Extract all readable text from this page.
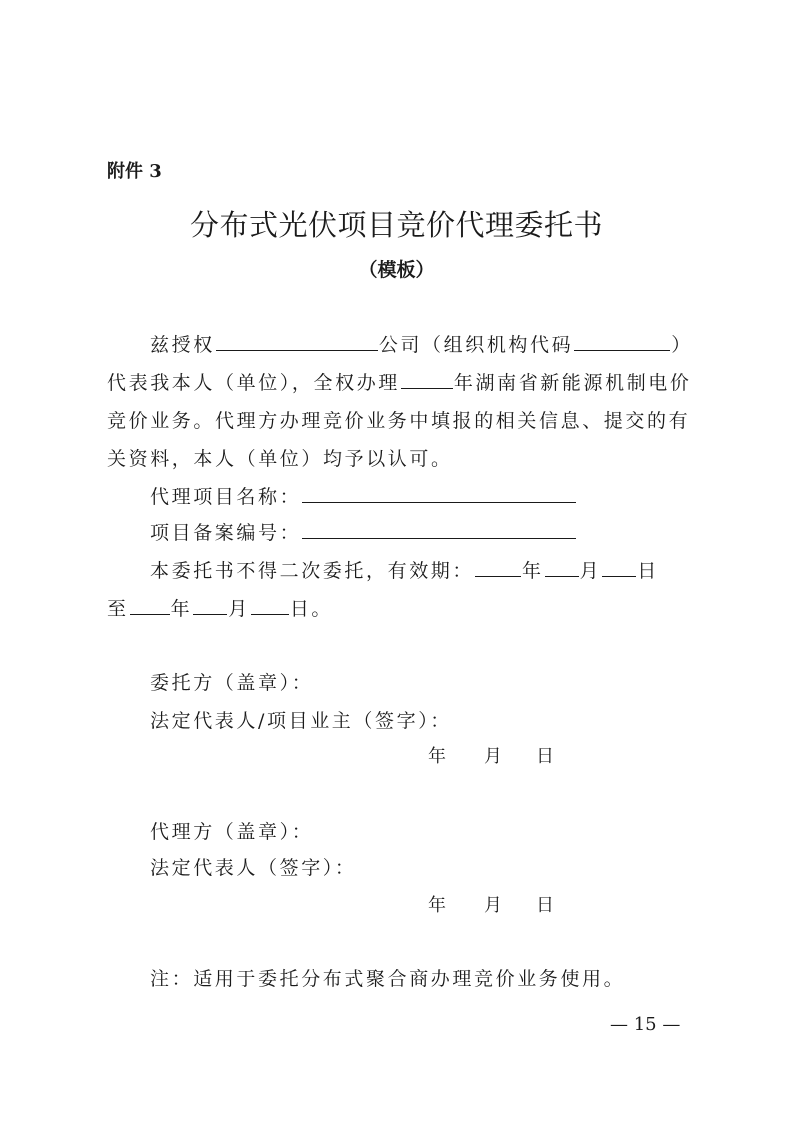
附件 3
分布式光伏项目竞价代理委托书
（模板）
兹授权	公司（组织机构代码	）
代表我本人（单位），全权办理	年湖南省新能源机制电价
竞价业务。代理方办理竞价业务中填报的相关信息、提交的有
关资料，本人（单位）均予以认可。
代理项目名称：
项目备案编号：
本委托书不得二次委托，有效期：	年 月 日
至 年 月 日。
委托方（盖章）：
法定代表人/项目业主（签字）：
年 月 日
代理方（盖章）：
法定代表人（签字）：
年 月 日
注：适用于委托分布式聚合商办理竞价业务使用。
— 15 —
